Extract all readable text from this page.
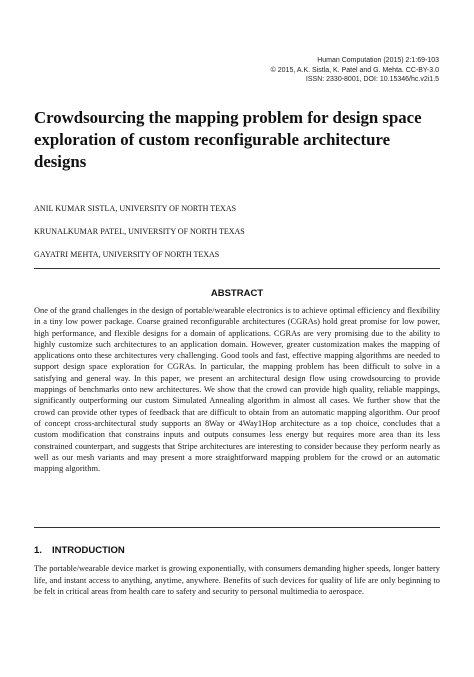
Human Computation (2015) 2:1:69-103
© 2015, A.K. Sistla, K. Patel and G. Mehta. CC-BY-3.0
ISSN: 2330-8001, DOI: 10.15346/hc.v2i1.5
Crowdsourcing the mapping problem for design space exploration of custom reconfigurable architecture designs
ANIL KUMAR SISTLA, UNIVERSITY OF NORTH TEXAS
KRUNALKUMAR PATEL, UNIVERSITY OF NORTH TEXAS
GAYATRI MEHTA, UNIVERSITY OF NORTH TEXAS
ABSTRACT

One of the grand challenges in the design of portable/wearable electronics is to achieve optimal efficiency and flexibility in a tiny low power package. Coarse grained reconfigurable architectures (CGRAs) hold great promise for low power, high performance, and flexible designs for a domain of applications. CGRAs are very promising due to the ability to highly customize such architectures to an application domain. However, greater customization makes the mapping of applications onto these architectures very challenging. Good tools and fast, effective mapping algorithms are needed to support design space exploration for CGRAs. In particular, the mapping problem has been difficult to solve in a satisfying and general way. In this paper, we present an architectural design flow using crowdsourcing to provide mappings of benchmarks onto new architectures. We show that the crowd can provide high quality, reliable mappings, significantly outperforming our custom Simulated Annealing algorithm in almost all cases. We further show that the crowd can provide other types of feedback that are difficult to obtain from an automatic mapping algorithm. Our proof of concept cross-architectural study supports an 8Way or 4Way1Hop architecture as a top choice, concludes that a custom modification that constrains inputs and outputs consumes less energy but requires more area than its less constrained counterpart, and suggests that Stripe architectures are interesting to consider because they perform nearly as well as our mesh variants and may present a more straightforward mapping problem for the crowd or an automatic mapping algorithm.

1. INTRODUCTION

The portable/wearable device market is growing exponentially, with consumers demanding higher speeds, longer battery life, and instant access to anything, anytime, anywhere. Benefits of such devices for quality of life are only beginning to be felt in critical areas from health care to safety and security to personal multimedia to aerospace.
